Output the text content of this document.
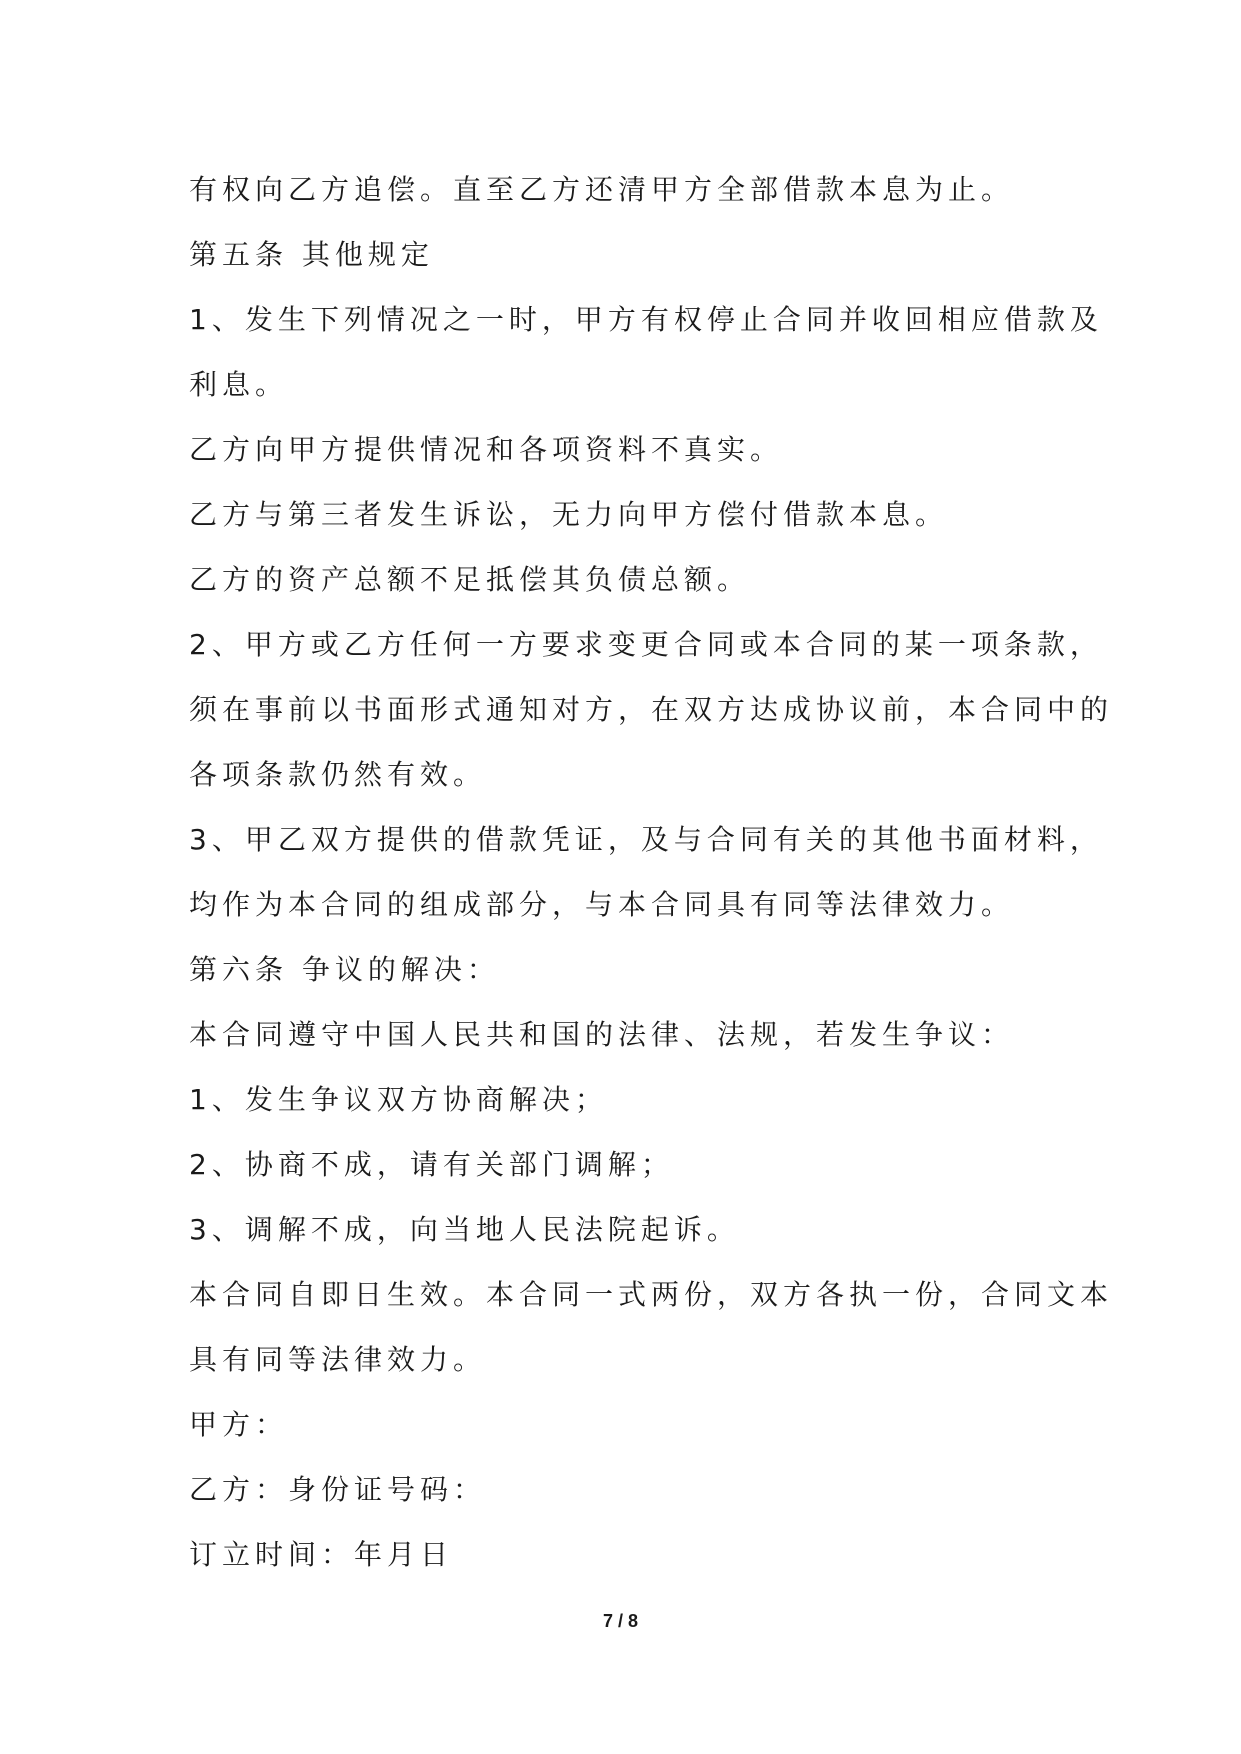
有权向乙方追偿。直至乙方还清甲方全部借款本息为止。

第五条 其他规定

1、发生下列情况之一时，甲方有权停止合同并收回相应借款及

利息。

乙方向甲方提供情况和各项资料不真实。

乙方与第三者发生诉讼，无力向甲方偿付借款本息。

乙方的资产总额不足抵偿其负债总额。

2、甲方或乙方任何一方要求变更合同或本合同的某一项条款，

须在事前以书面形式通知对方，在双方达成协议前，本合同中的

各项条款仍然有效。

3、甲乙双方提供的借款凭证，及与合同有关的其他书面材料，

均作为本合同的组成部分，与本合同具有同等法律效力。

第六条 争议的解决：

本合同遵守中国人民共和国的法律、法规，若发生争议：

1、发生争议双方协商解决；

2、协商不成，请有关部门调解；

3、调解不成，向当地人民法院起诉。

本合同自即日生效。本合同一式两份，双方各执一份，合同文本

具有同等法律效力。

甲方：

乙方：身份证号码：

订立时间：年月日

7 / 8
